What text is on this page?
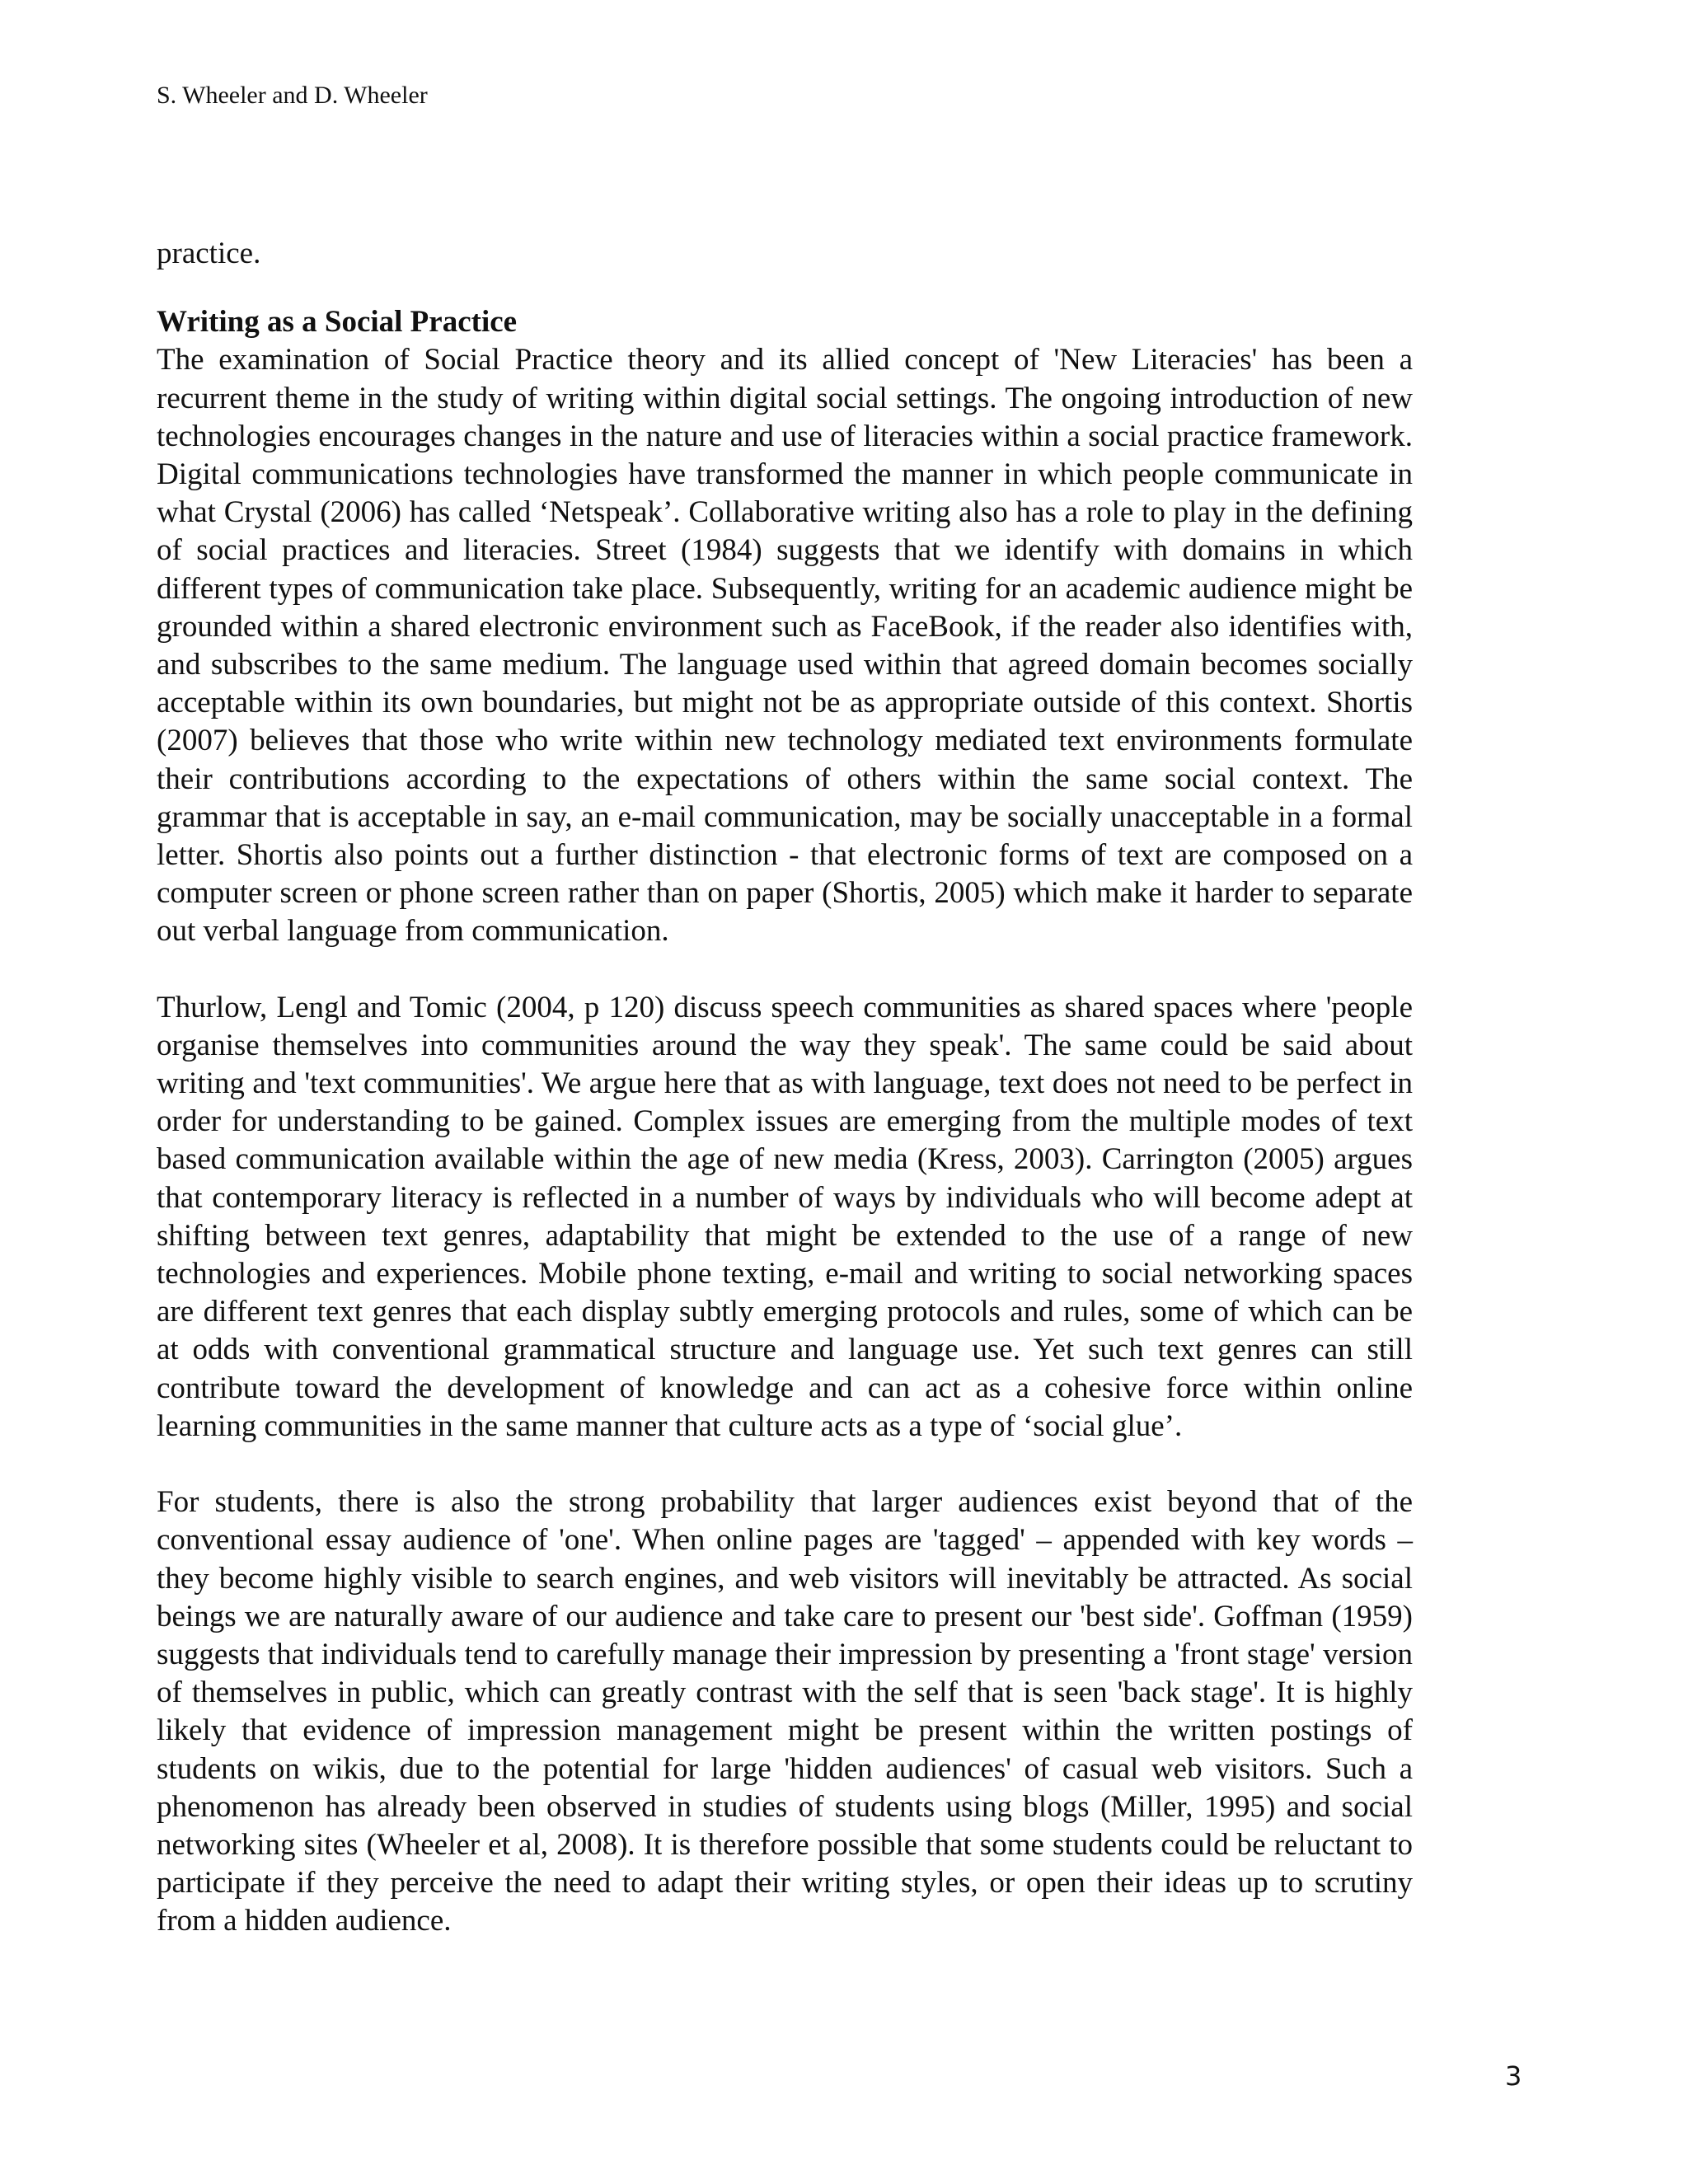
S. Wheeler and D. Wheeler

practice.

Writing as a Social Practice

The examination of Social Practice theory and its allied concept of 'New Literacies' has been a recurrent theme in the study of writing within digital social settings. The ongoing introduction of new technologies encourages changes in the nature and use of literacies within a social practice framework. Digital communications technologies have transformed the manner in which people communicate in what Crystal (2006) has called ‘Netspeak’. Collaborative writing also has a role to play in the defining of social practices and literacies. Street (1984) suggests that we identify with domains in which different types of communication take place. Subsequently, writing for an academic audience might be grounded within a shared electronic environment such as FaceBook, if the reader also identifies with, and subscribes to the same medium. The language used within that agreed domain becomes socially acceptable within its own boundaries, but might not be as appropriate outside of this context. Shortis (2007) believes that those who write within new technology mediated text environments formulate their contributions according to the expectations of others within the same social context. The grammar that is acceptable in say, an e-mail communication, may be socially unacceptable in a formal letter. Shortis also points out a further distinction - that electronic forms of text are composed on a computer screen or phone screen rather than on paper (Shortis, 2005) which make it harder to separate out verbal language from communication.

Thurlow, Lengl and Tomic (2004, p 120) discuss speech communities as shared spaces where 'people organise themselves into communities around the way they speak'. The same could be said about writing and 'text communities'. We argue here that as with language, text does not need to be perfect in order for understanding to be gained. Complex issues are emerging from the multiple modes of text based communication available within the age of new media (Kress, 2003). Carrington (2005) argues that contemporary literacy is reflected in a number of ways by individuals who will become adept at shifting between text genres, adaptability that might be extended to the use of a range of new technologies and experiences. Mobile phone texting, e-mail and writing to social networking spaces are different text genres that each display subtly emerging protocols and rules, some of which can be at odds with conventional grammatical structure and language use. Yet such text genres can still contribute toward the development of knowledge and can act as a cohesive force within online learning communities in the same manner that culture acts as a type of ‘social glue’.

For students, there is also the strong probability that larger audiences exist beyond that of the conventional essay audience of 'one'. When online pages are 'tagged' – appended with key words – they become highly visible to search engines, and web visitors will inevitably be attracted. As social beings we are naturally aware of our audience and take care to present our 'best side'. Goffman (1959) suggests that individuals tend to carefully manage their impression by presenting a 'front stage' version of themselves in public, which can greatly contrast with the self that is seen 'back stage'. It is highly likely that evidence of impression management might be present within the written postings of students on wikis, due to the potential for large 'hidden audiences' of casual web visitors. Such a phenomenon has already been observed in studies of students using blogs (Miller, 1995) and social networking sites (Wheeler et al, 2008). It is therefore possible that some students could be reluctant to participate if they perceive the need to adapt their writing styles, or open their ideas up to scrutiny from a hidden audience.

3
